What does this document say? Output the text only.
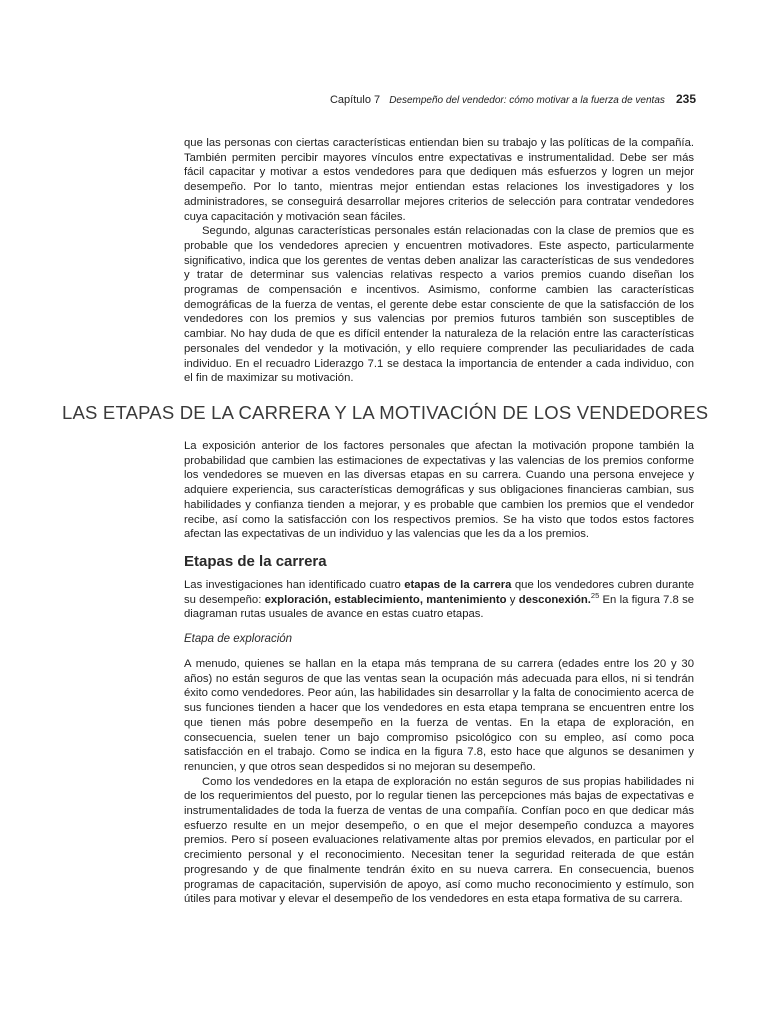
Capítulo 7 Desempeño del vendedor: cómo motivar a la fuerza de ventas 235

que las personas con ciertas características entiendan bien su trabajo y las políticas de la compañía. También permiten percibir mayores vínculos entre expectativas e instrumentalidad. Debe ser más fácil capacitar y motivar a estos vendedores para que dediquen más esfuerzos y logren un mejor desempeño. Por lo tanto, mientras mejor entiendan estas relaciones los investigadores y los administradores, se conseguirá desarrollar mejores criterios de selección para contratar vendedores cuya capacitación y motivación sean fáciles.

Segundo, algunas características personales están relacionadas con la clase de premios que es probable que los vendedores aprecien y encuentren motivadores. Este aspecto, particularmente significativo, indica que los gerentes de ventas deben analizar las características de sus vendedores y tratar de determinar sus valencias relativas respecto a varios premios cuando diseñan los programas de compensación e incentivos. Asimismo, conforme cambien las características demográficas de la fuerza de ventas, el gerente debe estar consciente de que la satisfacción de los vendedores con los premios y sus valencias por premios futuros también son susceptibles de cambiar. No hay duda de que es difícil entender la naturaleza de la relación entre las características personales del vendedor y la motivación, y ello requiere comprender las peculiaridades de cada individuo. En el recuadro Liderazgo 7.1 se destaca la importancia de entender a cada individuo, con el fin de maximizar su motivación.

LAS ETAPAS DE LA CARRERA Y LA MOTIVACIÓN DE LOS VENDEDORES

La exposición anterior de los factores personales que afectan la motivación propone también la probabilidad que cambien las estimaciones de expectativas y las valencias de los premios conforme los vendedores se mueven en las diversas etapas en su carrera. Cuando una persona envejece y adquiere experiencia, sus características demográficas y sus obligaciones financieras cambian, sus habilidades y confianza tienden a mejorar, y es probable que cambien los premios que el vendedor recibe, así como la satisfacción con los respectivos premios. Se ha visto que todos estos factores afectan las expectativas de un individuo y las valencias que les da a los premios.

Etapas de la carrera

Las investigaciones han identificado cuatro etapas de la carrera que los vendedores cubren durante su desempeño: exploración, establecimiento, mantenimiento y desconexión.$^{25}$ En la figura 7.8 se diagraman rutas usuales de avance en estas cuatro etapas.

Etapa de exploración

A menudo, quienes se hallan en la etapa más temprana de su carrera (edades entre los 20 y 30 años) no están seguros de que las ventas sean la ocupación más adecuada para ellos, ni si tendrán éxito como vendedores. Peor aún, las habilidades sin desarrollar y la falta de conocimiento acerca de sus funciones tienden a hacer que los vendedores en esta etapa temprana se encuentren entre los que tienen más pobre desempeño en la fuerza de ventas. En la etapa de exploración, en consecuencia, suelen tener un bajo compromiso psicológico con su empleo, así como poca satisfacción en el trabajo. Como se indica en la figura 7.8, esto hace que algunos se desanimen y renuncien, y que otros sean despedidos si no mejoran su desempeño.

Como los vendedores en la etapa de exploración no están seguros de sus propias habilidades ni de los requerimientos del puesto, por lo regular tienen las percepciones más bajas de expectativas e instrumentalidades de toda la fuerza de ventas de una compañía. Confían poco en que dedicar más esfuerzo resulte en un mejor desempeño, o en que el mejor desempeño conduzca a mayores premios. Pero sí poseen evaluaciones relativamente altas por premios elevados, en particular por el crecimiento personal y el reconocimiento. Necesitan tener la seguridad reiterada de que están progresando y de que finalmente tendrán éxito en su nueva carrera. En consecuencia, buenos programas de capacitación, supervisión de apoyo, así como mucho reconocimiento y estímulo, son útiles para motivar y elevar el desempeño de los vendedores en esta etapa formativa de su carrera.
